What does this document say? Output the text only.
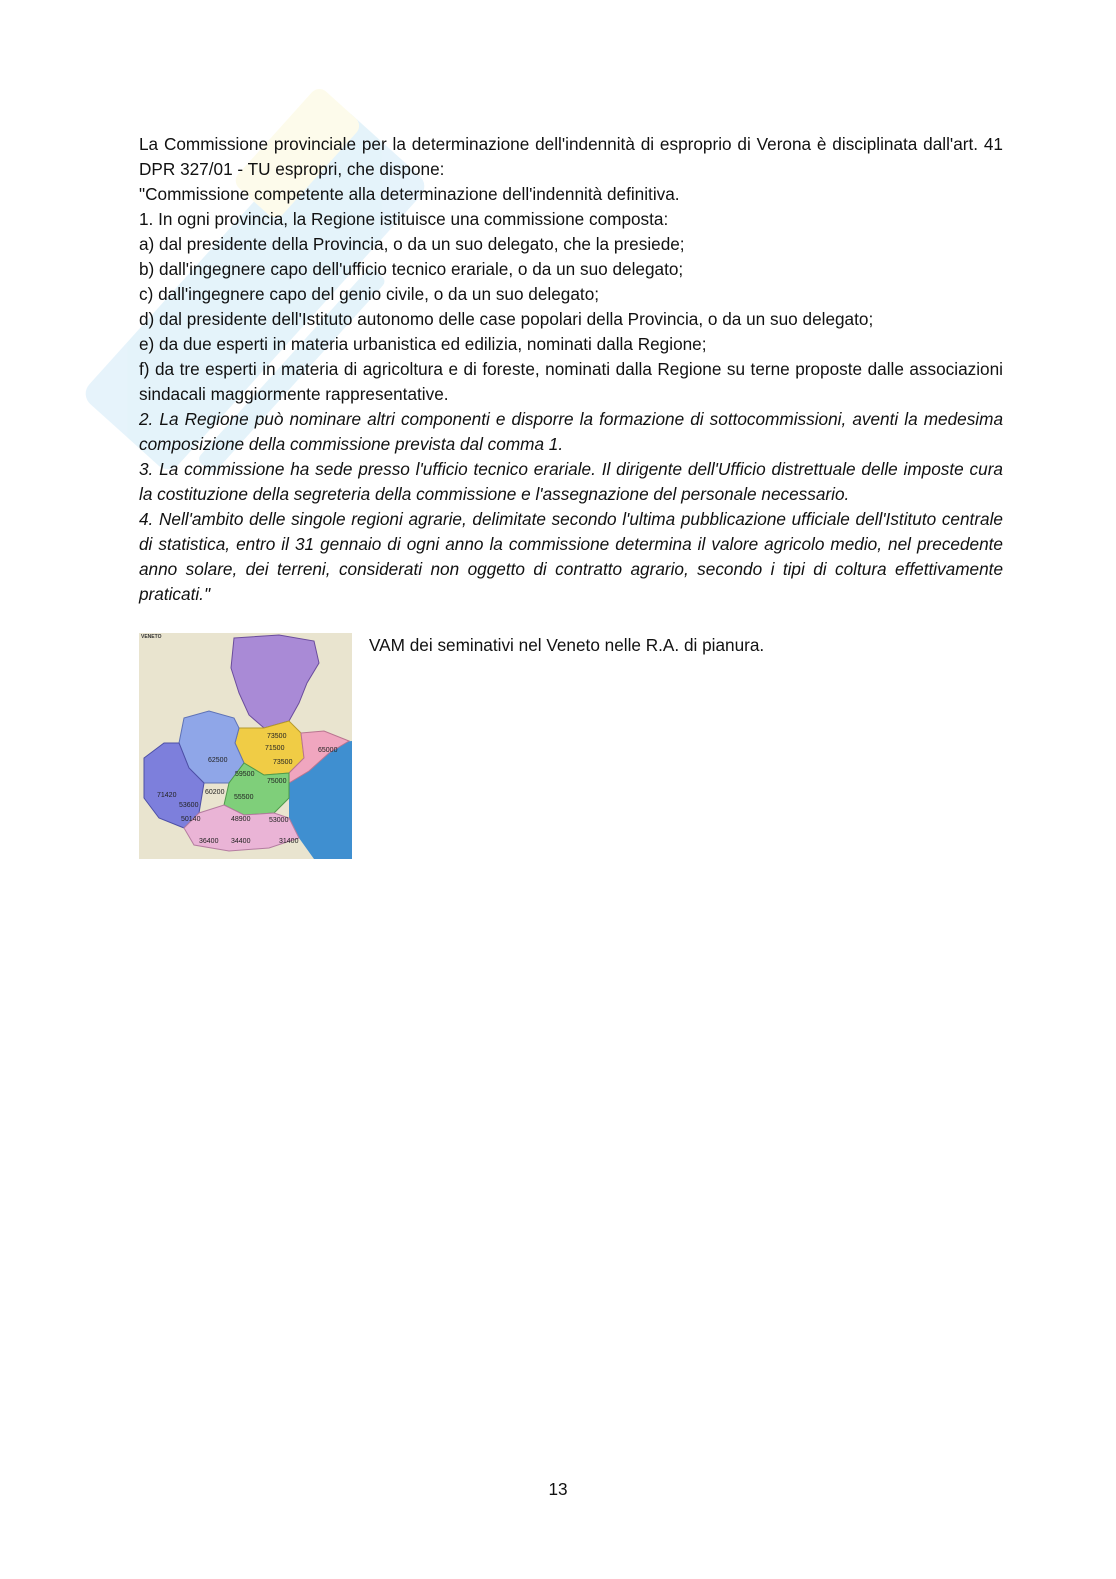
La Commissione provinciale per la determinazione dell'indennità di esproprio di Verona è disciplinata dall'art. 41 DPR 327/01 - TU espropri, che dispone:

"Commissione competente alla determinazione dell'indennità definitiva.

1. In ogni provincia, la Regione istituisce una commissione composta:

a) dal presidente della Provincia, o da un suo delegato, che la presiede;

b) dall'ingegnere capo dell'ufficio tecnico erariale, o da un suo delegato;

c) dall'ingegnere capo del genio civile, o da un suo delegato;

d) dal presidente dell'Istituto autonomo delle case popolari della Provincia, o da un suo delegato;

e) da due esperti in materia urbanistica ed edilizia, nominati dalla Regione;

f) da tre esperti in materia di agricoltura e di foreste, nominati dalla Regione su terne proposte dalle associazioni sindacali maggiormente rappresentative.

2. La Regione può nominare altri componenti e disporre la formazione di sottocommissioni, aventi la medesima composizione della commissione prevista dal comma 1.

3. La commissione ha sede presso l'ufficio tecnico erariale. Il dirigente dell'Ufficio distrettuale delle imposte cura la costituzione della segreteria della commissione e l'assegnazione del personale necessario.

4. Nell'ambito delle singole regioni agrarie, delimitate secondo l'ultima pubblicazione ufficiale dell'Istituto centrale di statistica, entro il 31 gennaio di ogni anno la commissione determina il valore agricolo medio, nel precedente anno solare, dei terreni, considerati non oggetto di contratto agrario, secondo i tipi di coltura effettivamente praticati."

VENETO
73500
71500	65000
62500	73500
59500
75000
60200
71420	55500
53600
50140	48900	53000
36400 34400	31400
VAM dei seminativi nel Veneto nelle R.A. di pianura.
13
